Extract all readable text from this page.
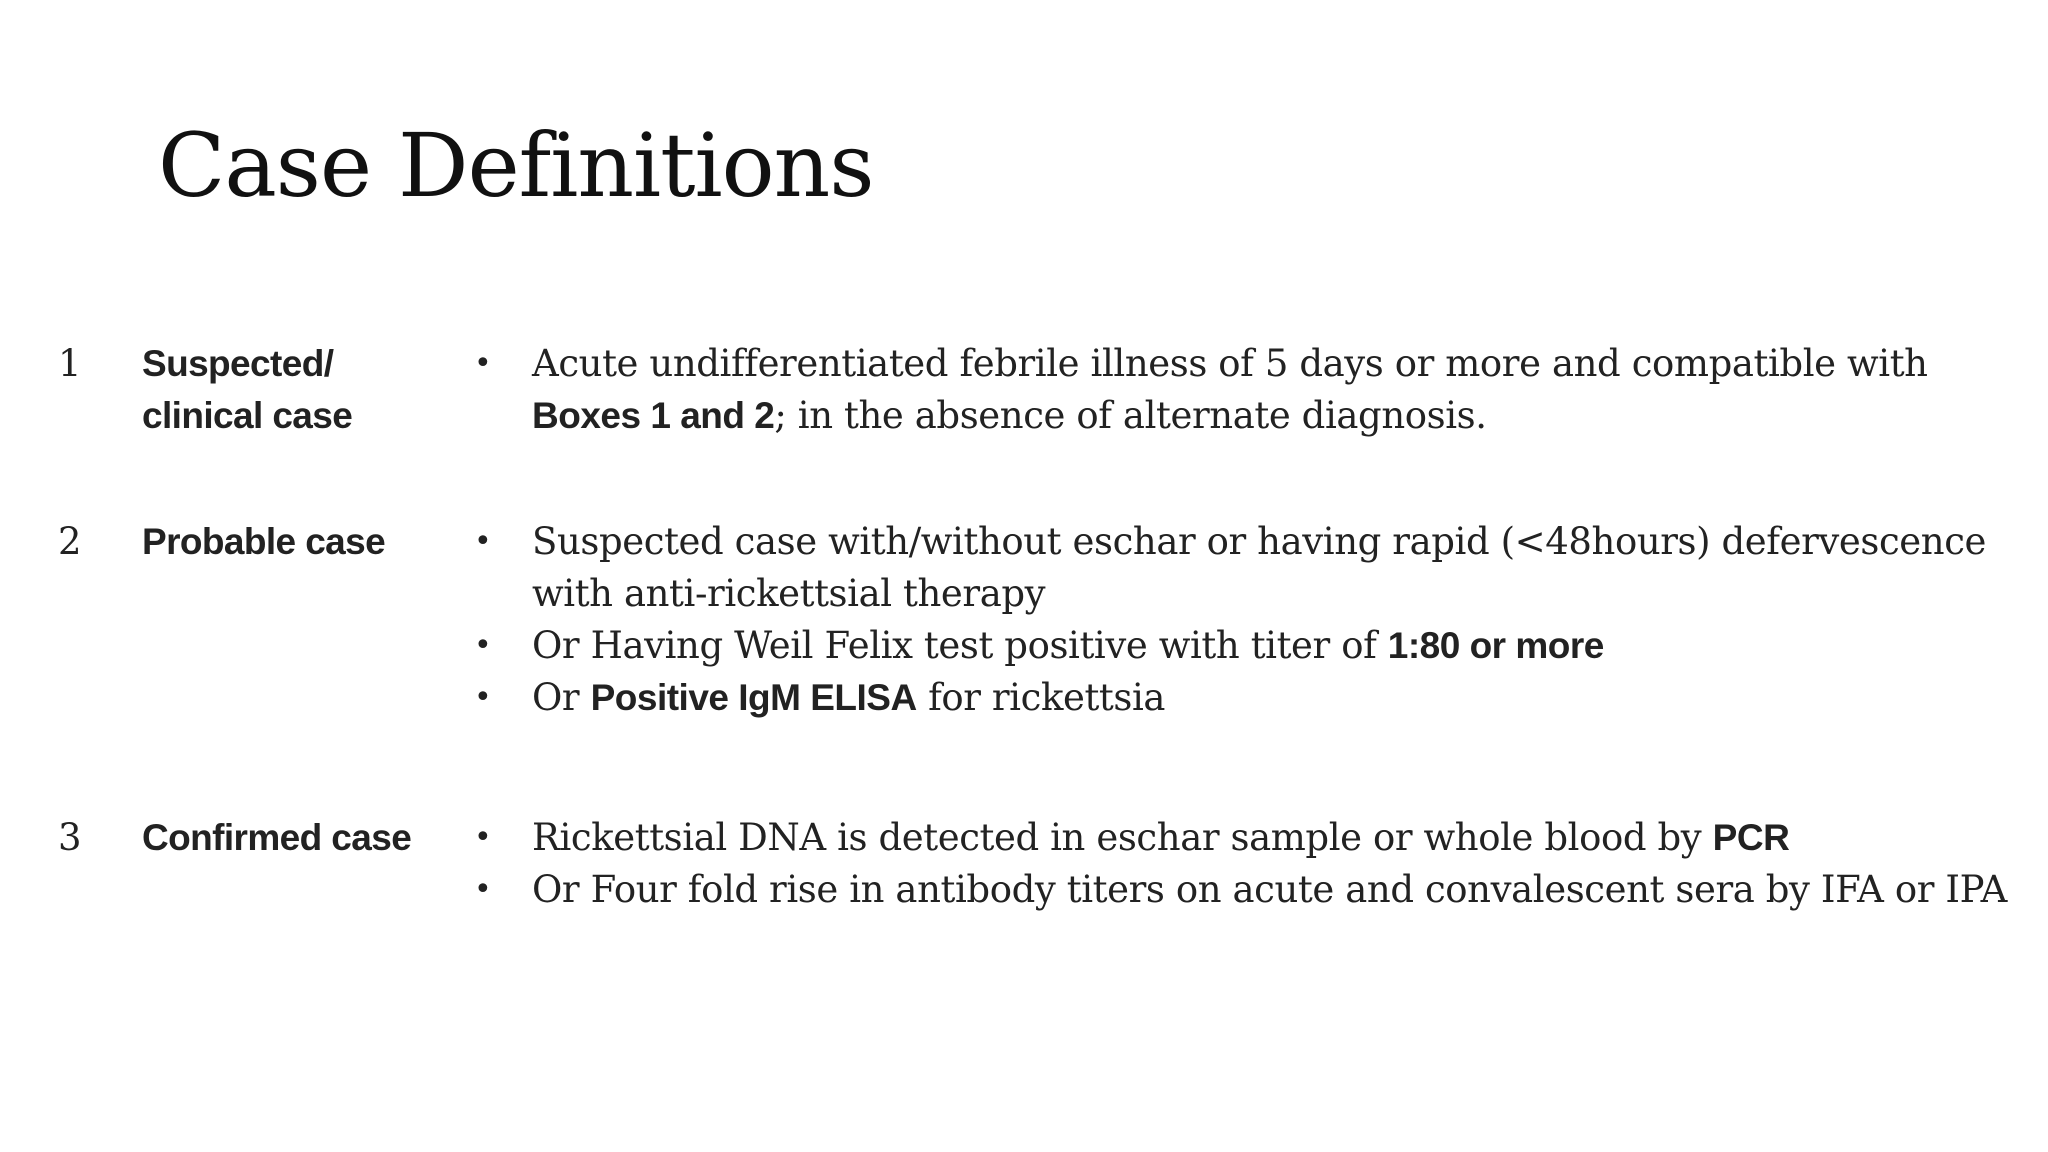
Case Definitions
1 Suspected/
clinical case
• Acute undifferentiated febrile illness of 5 days or more and compatible with Boxes 1 and 2; in the absence of alternate diagnosis.
2 Probable case	• Suspected case with/without eschar or having rapid (<48hours) defervescence with anti-rickettsial therapy
• Or Having Weil Felix test positive with titer of 1:80 or more
• Or Positive IgM ELISA for rickettsia
3 Confirmed case	• Rickettsial DNA is detected in eschar sample or whole blood by PCR
• Or Four fold rise in antibody titers on acute and convalescent sera by IFA or IPA
